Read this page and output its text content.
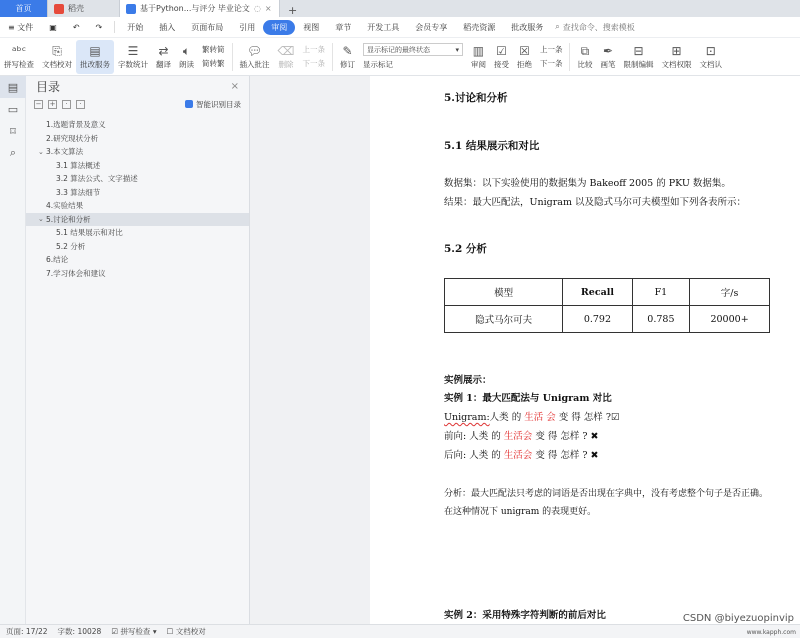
首页	稻壳	基于Python...与评分 毕业论文 ◌ ×	+
≡ 文件	▣	↶	↷	开始	插入	页面布局	引用	审阅	视图	章节	开发工具	会员专享	稻壳资源	批改服务	⌕ 查找命令、搜索模板
ᵃᵇᶜ
拼写检查
⎘
文档校对
▤
批改服务
☰
字数统计
⇄
翻译
🔈︎
朗读
繁转简
简转繁
💬︎
插入批注
⌫
删除
上一条
下一条
✎
修订
显示标记的最终状态	▾
显示标记
▥
审阅
☑
接受
☒
拒绝
上一条
下一条
⧉
比较
✒
画笔
⊟
限制编辑
⊞
文档权限
⊡
文档认
▤
▭
⌑
⌕
目录	×
− +	·	·	智能识别目录
1.选题背景及意义
2.研究现状分析
⌄ 3.本文算法
3.1 算法概述
3.2 算法公式、文字描述
3.3 算法细节
4.实验结果
⌄ 5.讨论和分析
5.1 结果展示和对比
5.2 分析
6.结论
7.学习体会和建议
5.讨论和分析
5.1 结果展示和对比
数据集：以下实验使用的数据集为 Bakeoff 2005 的 PKU 数据集。
结果：最大匹配法，Unigram 以及隐式马尔可夫模型如下列各表所示：
5.2 分析
模型	Recall	F1	字/s
隐式马尔可夫	0.792	0.785	20000+
实例展示：
实例 1：最大匹配法与 Unigram 对比
Unigram:人类 的 生活 会 变 得 怎样 ?☑
前向: 人类 的 生活会 变 得 怎样 ? ✖
后向: 人类 的 生活会 变 得 怎样 ? ✖
分析：最大匹配法只考虑的词语是否出现在字典中，没有考虑整个句子是否正确。
在这种情况下 unigram 的表现更好。
实例 2：采用特殊字符判断的前后对比
页面: 17/22 字数: 10028 ☑ 拼写检查 ▾ ☐ 文档校对
CSDN @biyezuopinvip
www.kapph.com
